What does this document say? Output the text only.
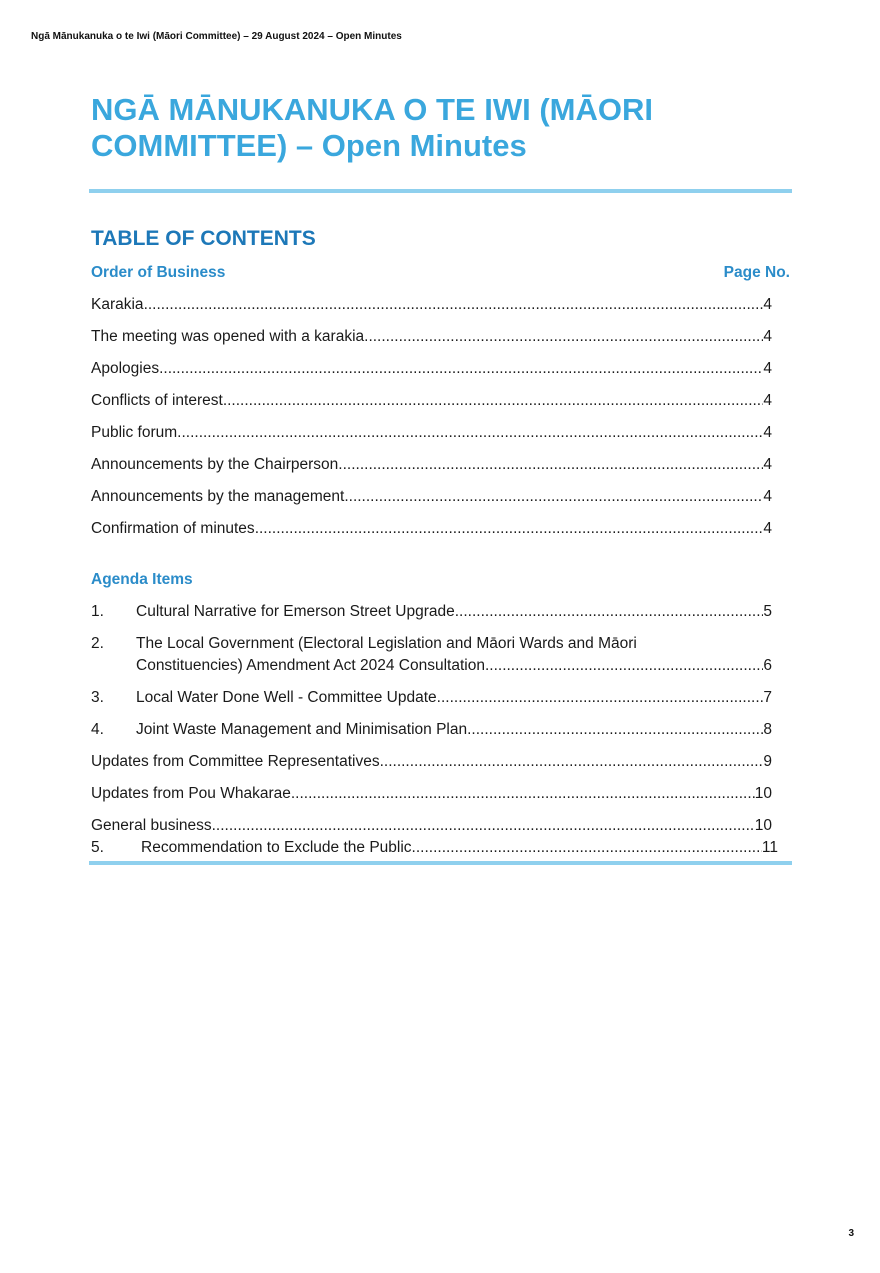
Ngā Mānukanuka o te Iwi (Māori Committee) – 29 August 2024 – Open Minutes
NGĀ MĀNUKANUKA O TE IWI (MĀORI COMMITTEE) – Open Minutes
TABLE OF CONTENTS
Order of Business	Page No.
Karakia .....	4
The meeting was opened with a karakia. .....	4
Apologies .....	4
Conflicts of interest .....	4
Public forum .....	4
Announcements by the Chairperson .....	4
Announcements by the management .....	4
Confirmation of minutes .....	4
Agenda Items
1.	Cultural Narrative for Emerson Street Upgrade .....	5
2.	The Local Government (Electoral Legislation and Māori Wards and Māori
Constituencies) Amendment Act 2024 Consultation .....	6
3.	Local Water Done Well - Committee Update .....	7
4.	Joint Waste Management and Minimisation Plan .....	8
Updates from Committee Representatives .....	9
Updates from Pou Whakarae .....	10
General business .....	10
5.	Recommendation to Exclude the Public. .....	11
3
